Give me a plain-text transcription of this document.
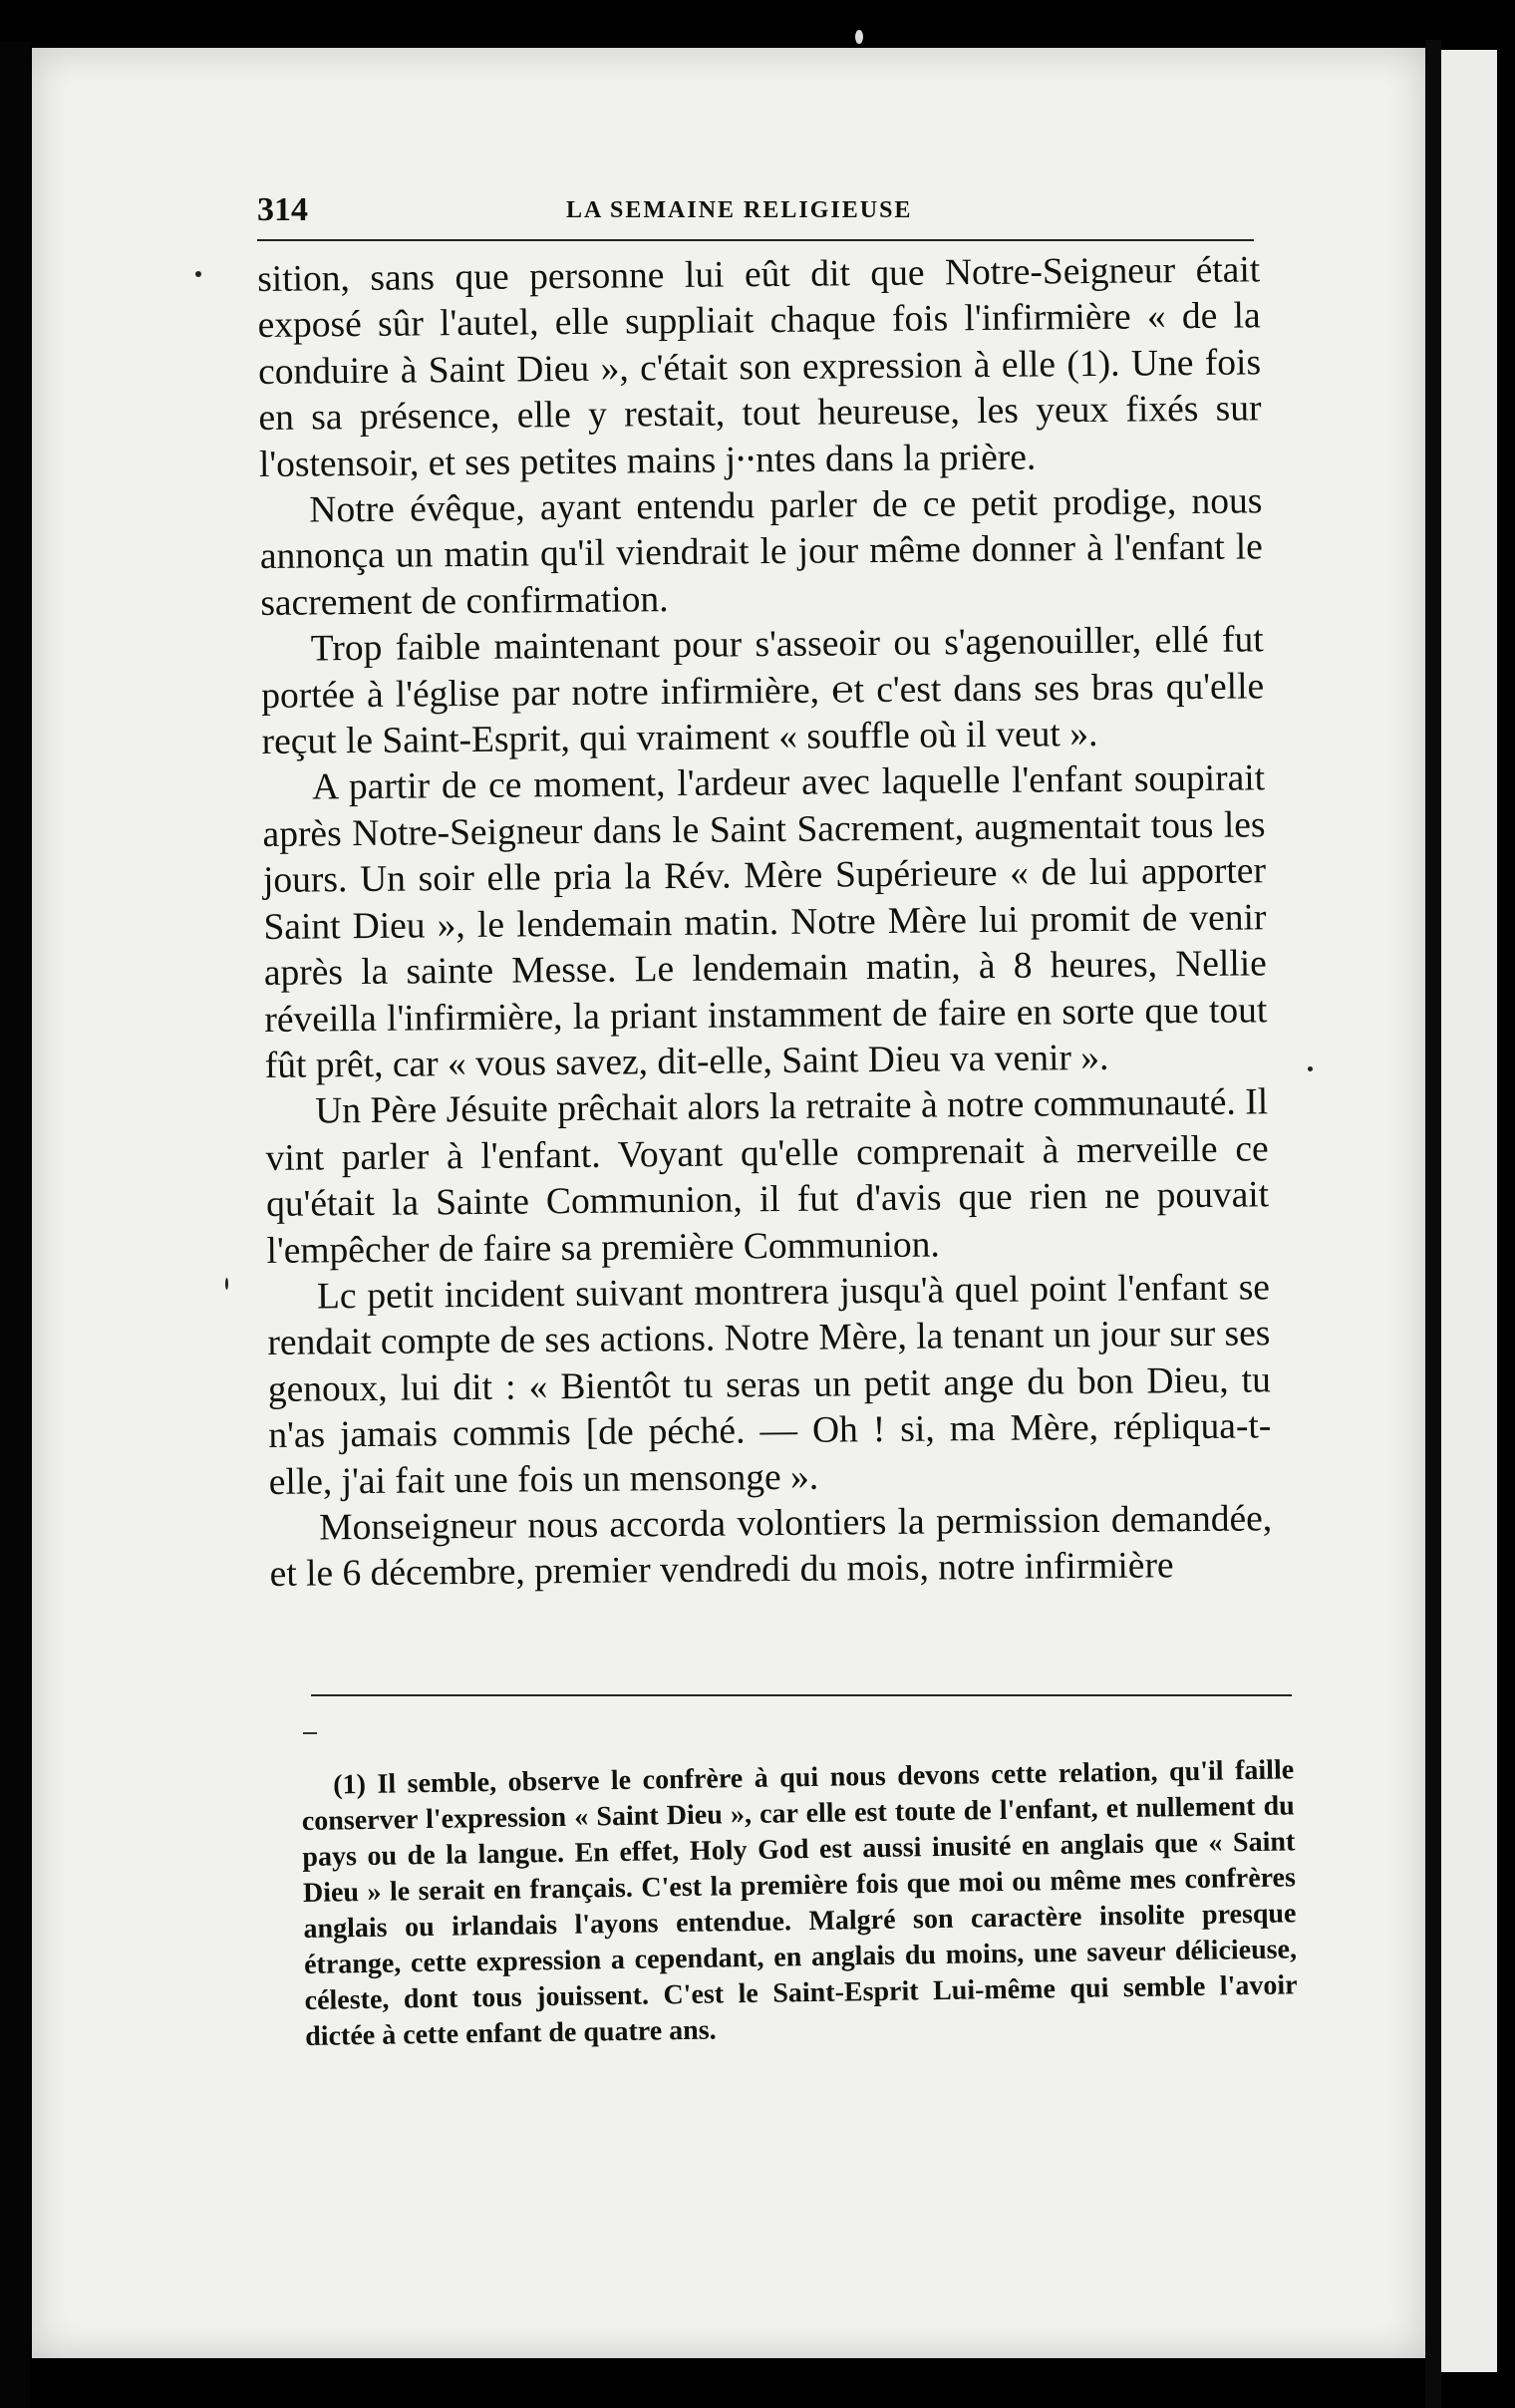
314	LA SEMAINE RELIGIEUSE

sition, sans que personne lui eût dit que Notre-Seigneur était exposé sûr l'autel, elle suppliait chaque fois l'infirmière « de la conduire à Saint Dieu », c'était son expression à elle (1). Une fois en sa présence, elle y restait, tout heureuse, les yeux fixés sur l'ostensoir, et ses petites mains j⸱⸱ntes dans la prière.

Notre évêque, ayant entendu parler de ce petit prodige, nous annonça un matin qu'il viendrait le jour même donner à l'enfant le sacrement de confirmation.

Trop faible maintenant pour s'asseoir ou s'agenouiller, ellé fut portée à l'église par notre infirmière, ℮t c'est dans ses bras qu'elle reçut le Saint-Esprit, qui vraiment « souffle où il veut ».

A partir de ce moment, l'ardeur avec laquelle l'enfant soupirait après Notre-Seigneur dans le Saint Sacrement, augmentait tous les jours. Un soir elle pria la Rév. Mère Supérieure « de lui apporter Saint Dieu », le lendemain matin. Notre Mère lui promit de venir après la sainte Messe. Le lendemain matin, à 8 heures, Nellie réveilla l'infirmière, la priant instamment de faire en sorte que tout fût prêt, car « vous savez, dit-elle, Saint Dieu va venir ».

Un Père Jésuite prêchait alors la retraite à notre communauté. Il vint parler à l'enfant. Voyant qu'elle comprenait à merveille ce qu'était la Sainte Communion, il fut d'avis que rien ne pouvait l'empêcher de faire sa première Communion.

Lc petit incident suivant montrera jusqu'à quel point l'enfant se rendait compte de ses actions. Notre Mère, la tenant un jour sur ses genoux, lui dit : « Bientôt tu seras un petit ange du bon Dieu, tu n'as jamais commis [de péché. — Oh ! si, ma Mère, répliqua-t-elle, j'ai fait une fois un mensonge ».

Monseigneur nous accorda volontiers la permission demandée, et le 6 décembre, premier vendredi du mois, notre infirmière

(1) Il semble, observe le confrère à qui nous devons cette relation, qu'il faille conserver l'expression « Saint Dieu », car elle est toute de l'enfant, et nullement du pays ou de la langue. En effet, Holy God est aussi inusité en anglais que « Saint Dieu » le serait en français. C'est la première fois que moi ou même mes confrères anglais ou irlandais l'ayons entendue. Malgré son caractère insolite presque étrange, cette expression a cependant, en anglais du moins, une saveur délicieuse, céleste, dont tous jouissent. C'est le Saint-Esprit Lui-même qui semble l'avoir dictée à cette enfant de quatre ans.
